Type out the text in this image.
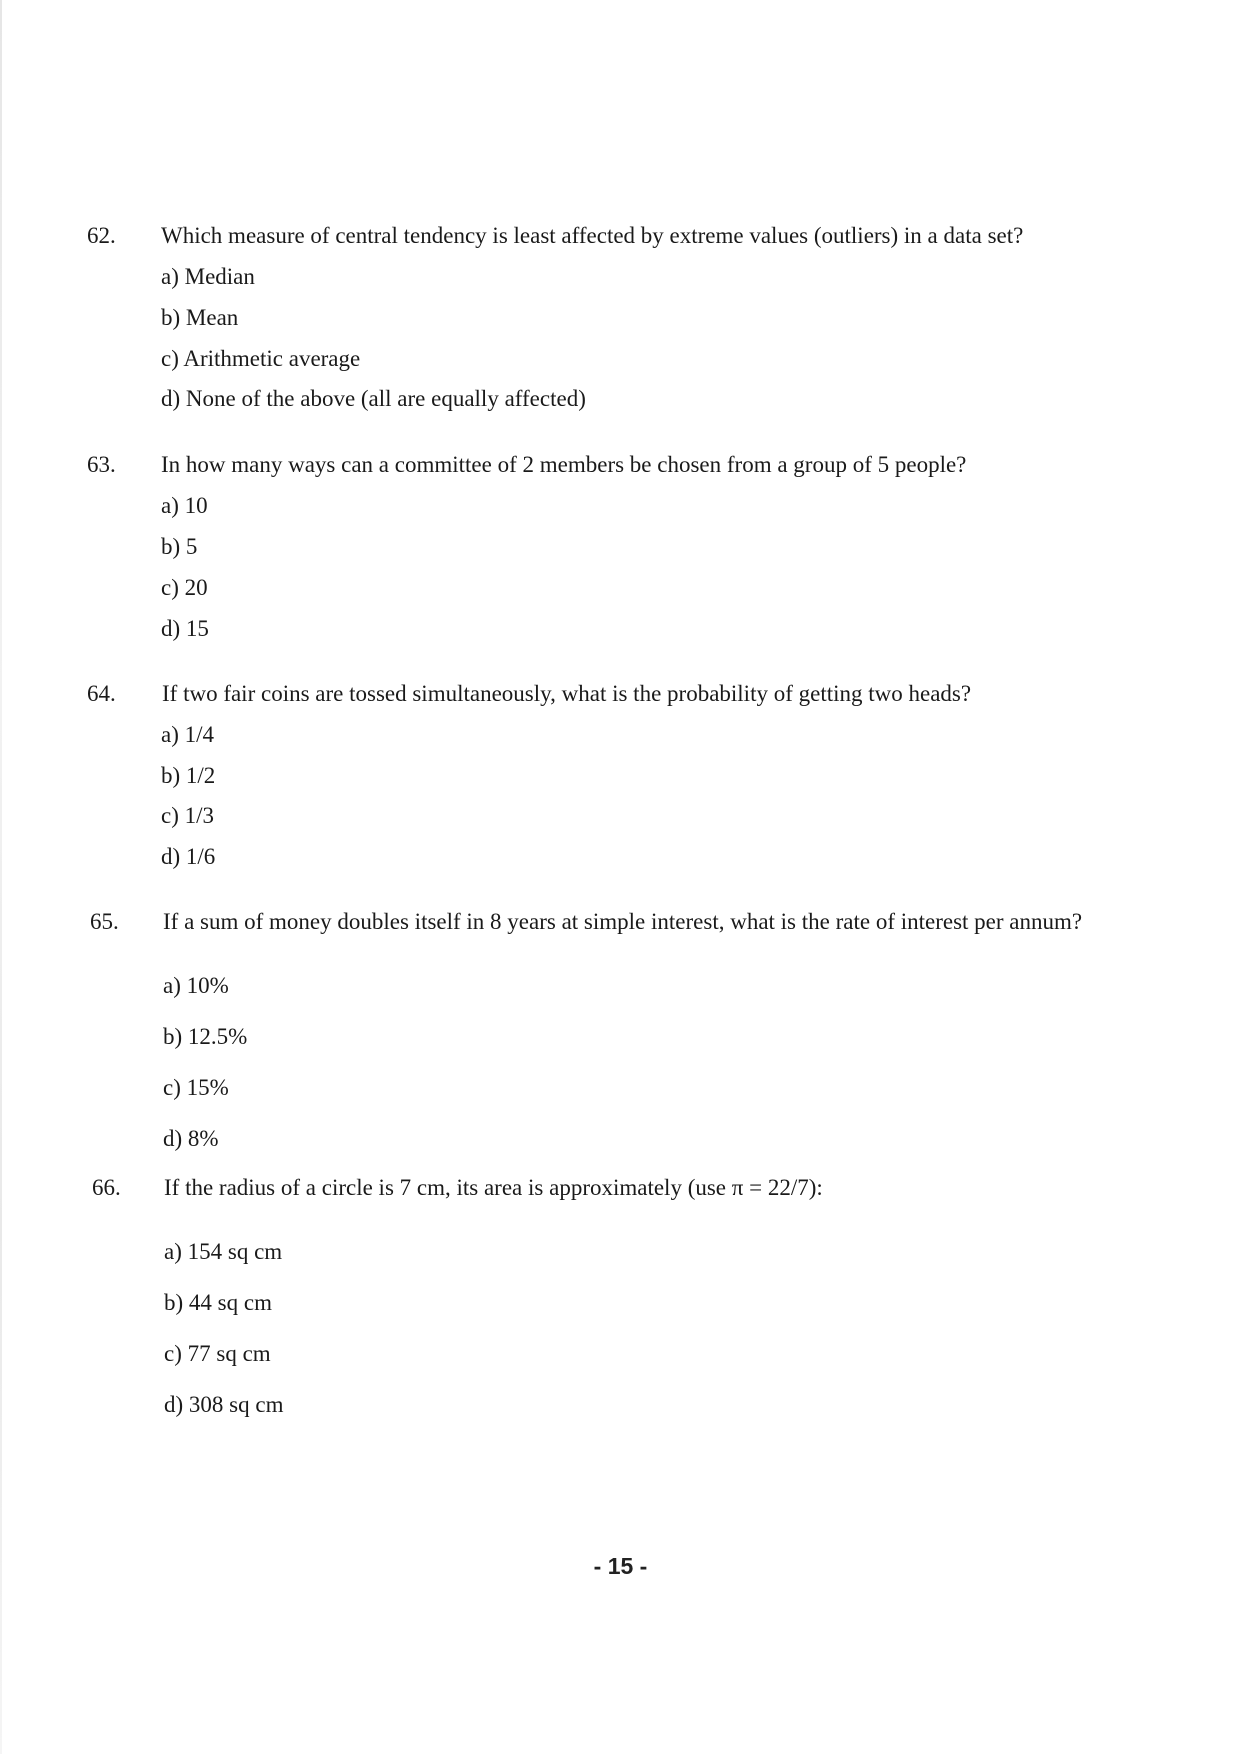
62. Which measure of central tendency is least affected by extreme values (outliers) in a data set?
a) Median
b) Mean
c) Arithmetic average
d) None of the above (all are equally affected)
63. In how many ways can a committee of 2 members be chosen from a group of 5 people?
a) 10
b) 5
c) 20
d) 15
64. If two fair coins are tossed simultaneously, what is the probability of getting two heads?
a) 1/4
b) 1/2
c) 1/3
d) 1/6
65. If a sum of money doubles itself in 8 years at simple interest, what is the rate of interest per annum?
a) 10%
b) 12.5%
c) 15%
d) 8%
66. If the radius of a circle is 7 cm, its area is approximately (use π = 22/7):
a) 154 sq cm
b) 44 sq cm
c) 77 sq cm
d) 308 sq cm
- 15 -
